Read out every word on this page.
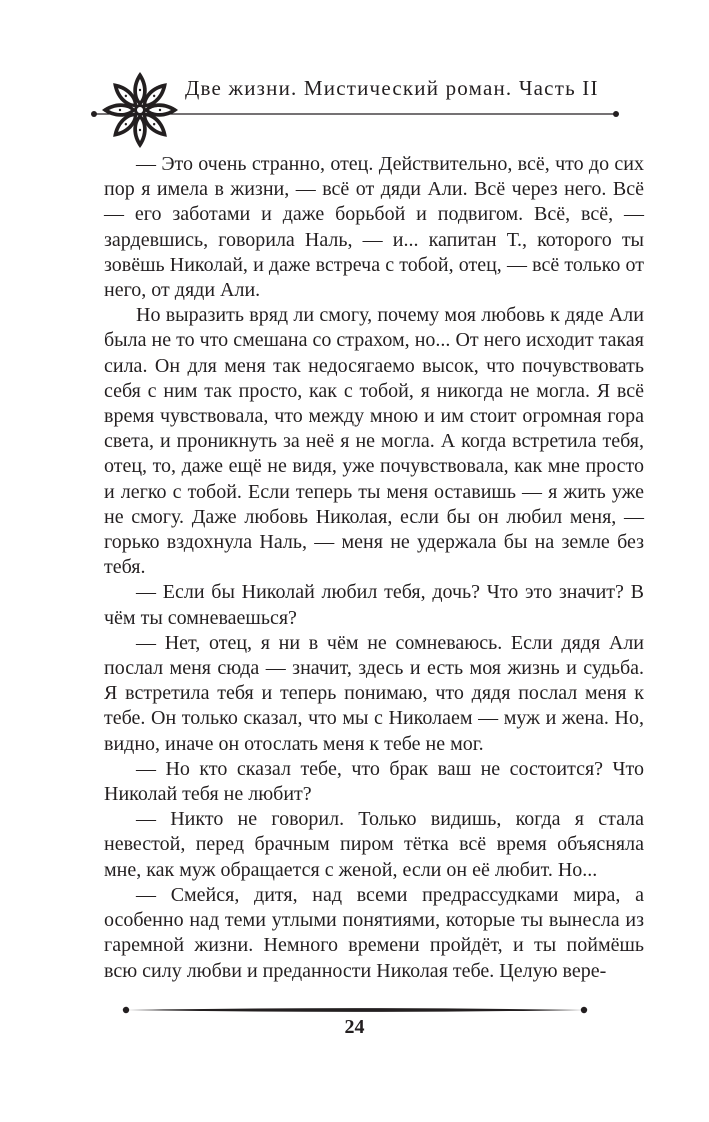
Две жизни. Мистический роман. Часть II

— Это очень странно, отец. Действительно, всё, что до сих пор я имела в жизни, — всё от дяди Али. Всё через него. Всё — его заботами и даже борьбой и подвигом. Всё, всё, — зардевшись, говорила Наль, — и... капитан Т., которого ты зовёшь Николай, и даже встреча с тобой, отец, — всё только от него, от дяди Али.

Но выразить вряд ли смогу, почему моя любовь к дяде Али была не то что смешана со страхом, но... От него исходит такая сила. Он для меня так недосягаемо высок, что почувствовать себя с ним так просто, как с тобой, я никогда не могла. Я всё время чувствовала, что между мною и им стоит огромная гора света, и проникнуть за неё я не могла. А когда встретила тебя, отец, то, даже ещё не видя, уже почувствовала, как мне просто и легко с тобой. Если теперь ты меня оставишь — я жить уже не смогу. Даже любовь Николая, если бы он любил меня, — горько вздохнула Наль, — меня не удержала бы на земле без тебя.

— Если бы Николай любил тебя, дочь? Что это значит? В чём ты сомневаешься?

— Нет, отец, я ни в чём не сомневаюсь. Если дядя Али послал меня сюда — значит, здесь и есть моя жизнь и судьба. Я встретила тебя и теперь понимаю, что дядя послал меня к тебе. Он только сказал, что мы с Николаем — муж и жена. Но, видно, иначе он отослать меня к тебе не мог.

— Но кто сказал тебе, что брак ваш не состоится? Что Николай тебя не любит?

— Никто не говорил. Только видишь, когда я стала невестой, перед брачным пиром тётка всё время объясняла мне, как муж обращается с женой, если он её любит. Но...

— Смейся, дитя, над всеми предрассудками мира, а особенно над теми утлыми понятиями, которые ты вынесла из гаремной жизни. Немного времени пройдёт, и ты поймёшь всю силу любви и преданности Николая тебе. Целую вере-

24
